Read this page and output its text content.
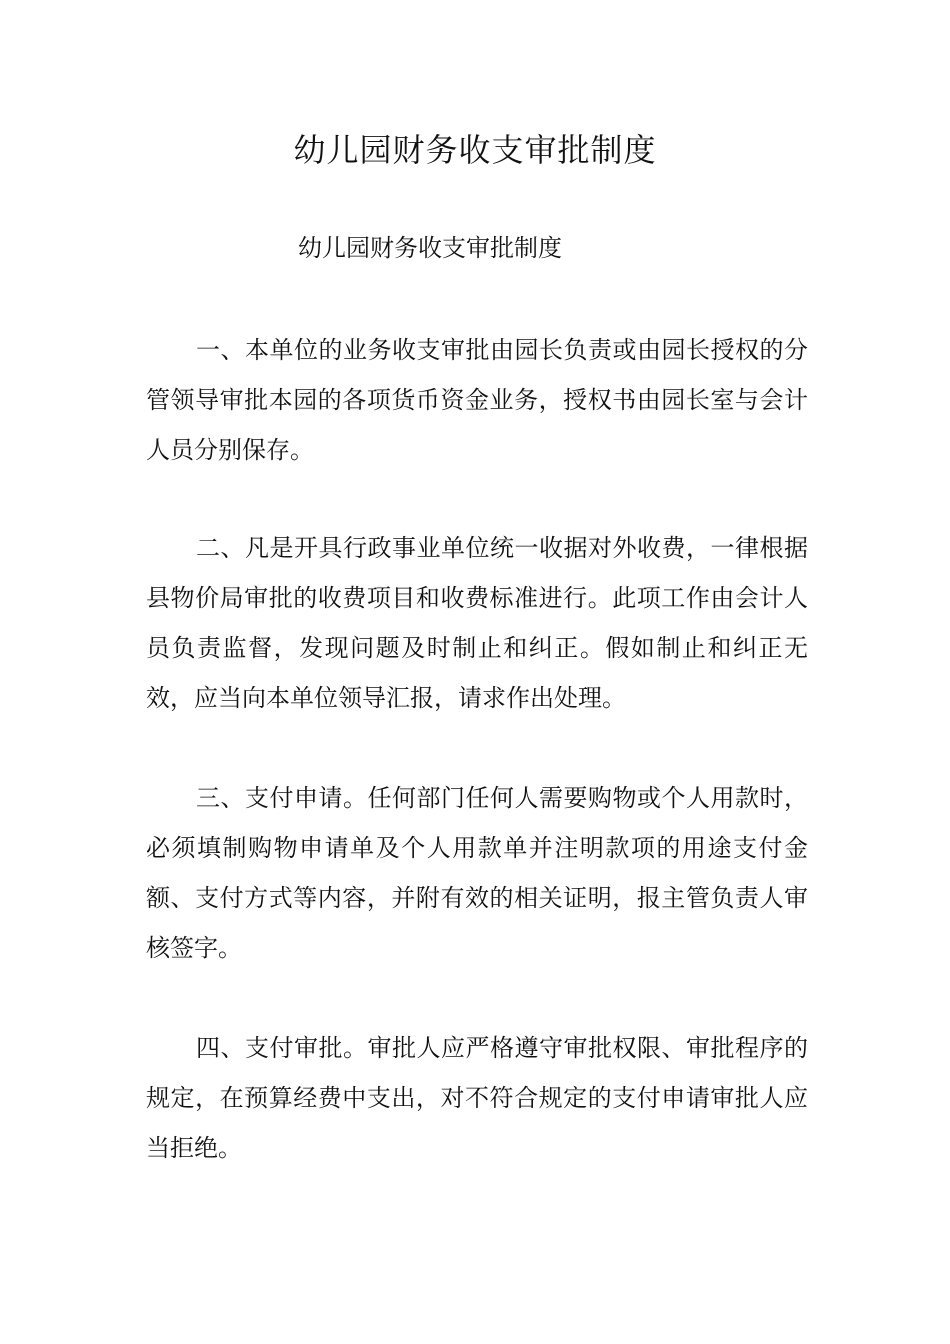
幼儿园财务收支审批制度
幼儿园财务收支审批制度

一、本单位的业务收支审批由园长负责或由园长授权的分管领导审批本园的各项货币资金业务，授权书由园长室与会计人员分别保存。

二、凡是开具行政事业单位统一收据对外收费，一律根据县物价局审批的收费项目和收费标准进行。此项工作由会计人员负责监督，发现问题及时制止和纠正。假如制止和纠正无效，应当向本单位领导汇报，请求作出处理。

三、支付申请。任何部门任何人需要购物或个人用款时，必须填制购物申请单及个人用款单并注明款项的用途支付金额、支付方式等内容，并附有效的相关证明，报主管负责人审核签字。

四、支付审批。审批人应严格遵守审批权限、审批程序的规定，在预算经费中支出，对不符合规定的支付申请审批人应当拒绝。
